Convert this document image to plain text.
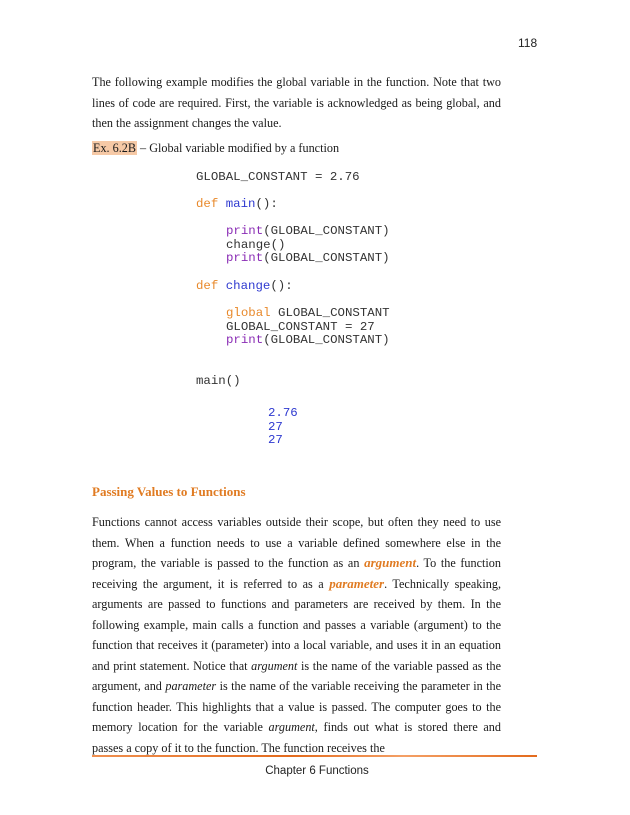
118
The following example modifies the global variable in the function. Note that two lines of code are required. First, the variable is acknowledged as being global, and then the assignment changes the value.
Ex. 6.2B – Global variable modified by a function
GLOBAL_CONSTANT = 2.76
def main():
print(GLOBAL_CONSTANT)
change()
print(GLOBAL_CONSTANT)
def change():
global GLOBAL_CONSTANT
GLOBAL_CONSTANT = 27
print(GLOBAL_CONSTANT)
main()
2.76
27
27
Passing Values to Functions
Functions cannot access variables outside their scope, but often they need to use them. When a function needs to use a variable defined somewhere else in the program, the variable is passed to the function as an argument. To the function receiving the argument, it is referred to as a parameter. Technically speaking, arguments are passed to functions and parameters are received by them. In the following example, main calls a function and passes a variable (argument) to the function that receives it (parameter) into a local variable, and uses it in an equation and print statement. Notice that argument is the name of the variable passed as the argument, and parameter is the name of the variable receiving the parameter in the function header. This highlights that a value is passed. The computer goes to the memory location for the variable argument, finds out what is stored there and passes a copy of it to the function. The function receives the
Chapter 6 Functions
